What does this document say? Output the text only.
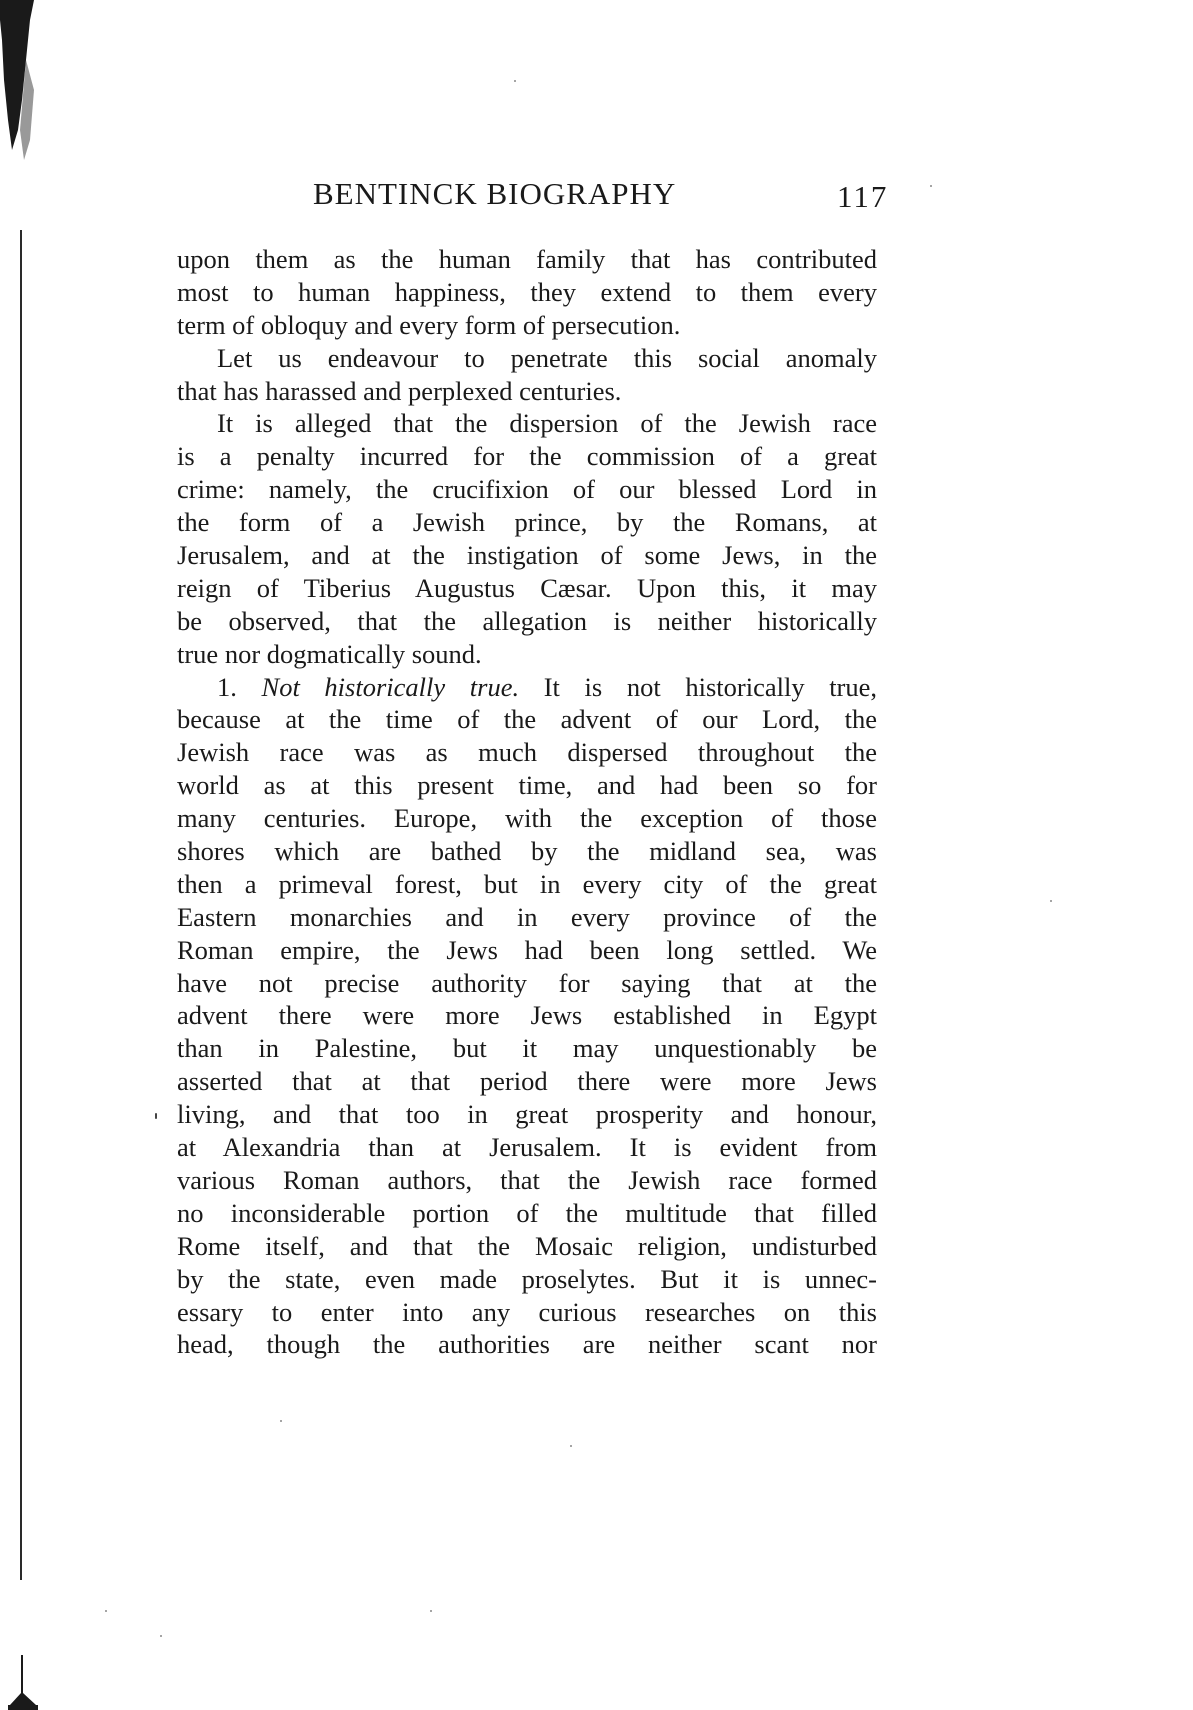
BENTINCK BIOGRAPHY	117
upon them as the human family that has contributed
most to human happiness, they extend to them every
term of obloquy and every form of persecution.
Let us endeavour to penetrate this social anomaly
that has harassed and perplexed centuries.
It is alleged that the dispersion of the Jewish race
is a penalty incurred for the commission of a great
crime: namely, the crucifixion of our blessed Lord in
the form of a Jewish prince, by the Romans, at
Jerusalem, and at the instigation of some Jews, in the
reign of Tiberius Augustus Cæsar. Upon this, it may
be observed, that the allegation is neither historically
true nor dogmatically sound.
1. Not historically true. It is not historically true,
because at the time of the advent of our Lord, the
Jewish race was as much dispersed throughout the
world as at this present time, and had been so for
many centuries. Europe, with the exception of those
shores which are bathed by the midland sea, was
then a primeval forest, but in every city of the great
Eastern monarchies and in every province of the
Roman empire, the Jews had been long settled. We
have not precise authority for saying that at the
advent there were more Jews established in Egypt
than in Palestine, but it may unquestionably be
asserted that at that period there were more Jews
living, and that too in great prosperity and honour,
at Alexandria than at Jerusalem. It is evident from
various Roman authors, that the Jewish race formed
no inconsiderable portion of the multitude that filled
Rome itself, and that the Mosaic religion, undisturbed
by the state, even made proselytes. But it is unnec-
essary to enter into any curious researches on this
head, though the authorities are neither scant nor
